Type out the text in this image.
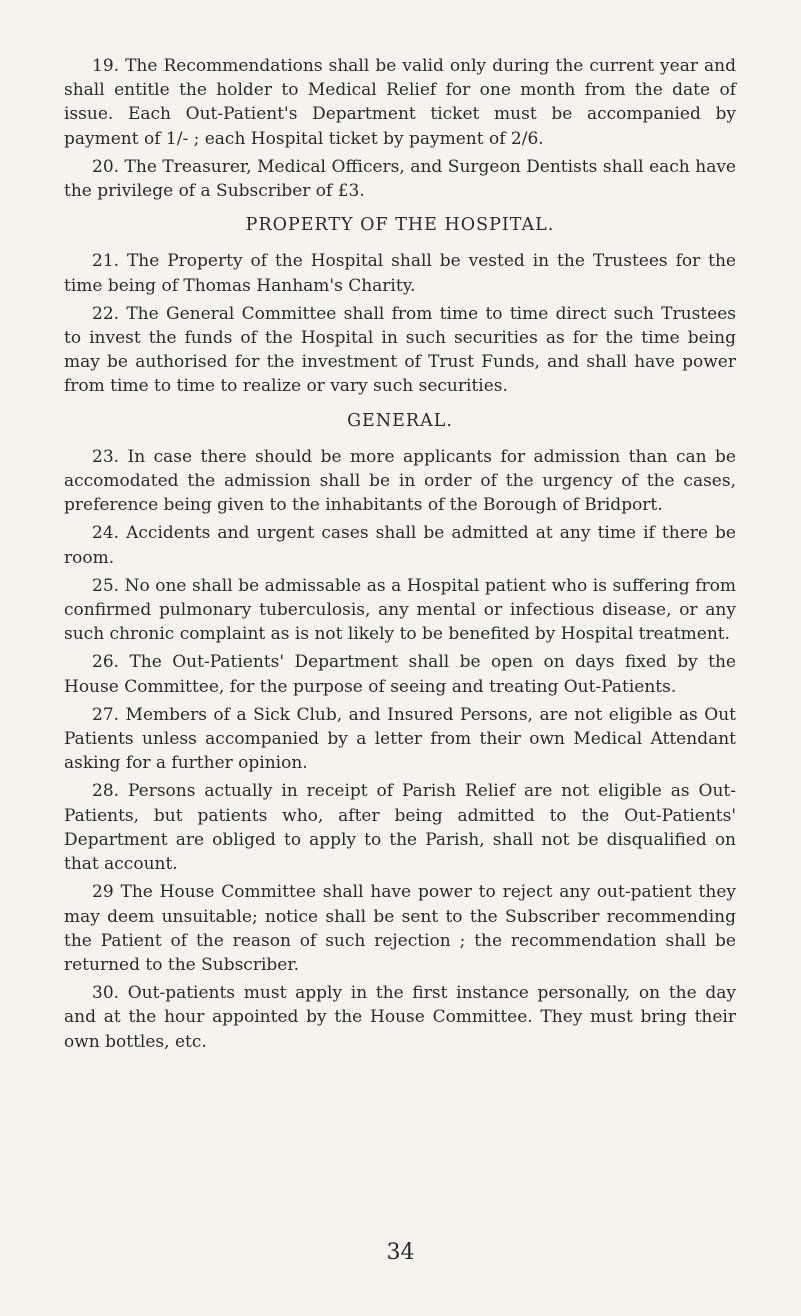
19. The Recommendations shall be valid only during the current year and shall entitle the holder to Medical Relief for one month from the date of issue. Each Out-Patient's Department ticket must be accompanied by payment of 1/- ; each Hospital ticket by payment of 2/6.

20. The Treasurer, Medical Officers, and Surgeon Dentists shall each have the privilege of a Subscriber of £3.

PROPERTY OF THE HOSPITAL.

21. The Property of the Hospital shall be vested in the Trustees for the time being of Thomas Hanham's Charity.

22. The General Committee shall from time to time direct such Trustees to invest the funds of the Hospital in such securities as for the time being may be authorised for the investment of Trust Funds, and shall have power from time to time to realize or vary such securities.

GENERAL.

23. In case there should be more applicants for admission than can be accomodated the admission shall be in order of the urgency of the cases, preference being given to the inhabitants of the Borough of Bridport.

24. Accidents and urgent cases shall be admitted at any time if there be room.

25. No one shall be admissable as a Hospital patient who is suffering from confirmed pulmonary tuberculosis, any mental or infectious disease, or any such chronic complaint as is not likely to be benefited by Hospital treatment.

26. The Out-Patients' Department shall be open on days fixed by the House Committee, for the purpose of seeing and treating Out-Patients.

27. Members of a Sick Club, and Insured Persons, are not eligible as Out Patients unless accompanied by a letter from their own Medical Attendant asking for a further opinion.

28. Persons actually in receipt of Parish Relief are not eligible as Out-Patients, but patients who, after being admitted to the Out-Patients' Department are obliged to apply to the Parish, shall not be disqualified on that account.

29 The House Committee shall have power to reject any out-patient they may deem unsuitable; notice shall be sent to the Subscriber recommending the Patient of the reason of such rejection ; the recommendation shall be returned to the Subscriber.

30. Out-patients must apply in the first instance personally, on the day and at the hour appointed by the House Committee. They must bring their own bottles, etc.

34
